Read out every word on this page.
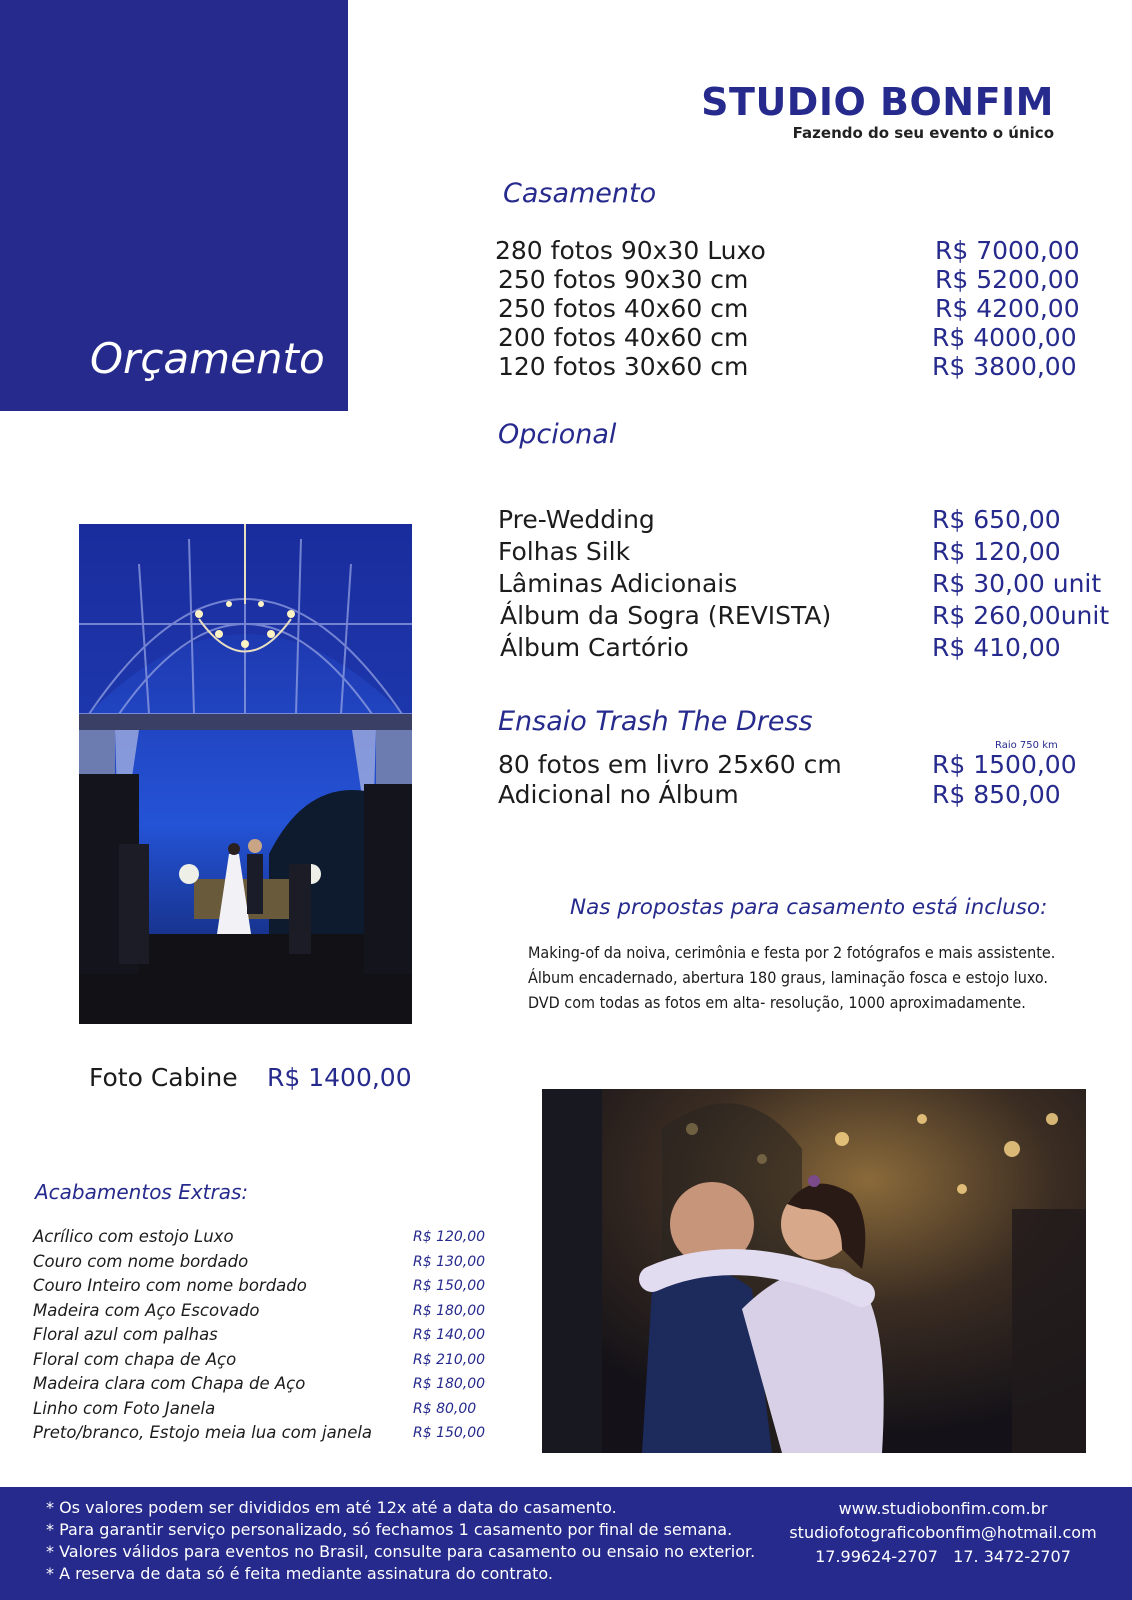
Orçamento
STUDIO BONFIM
Fazendo do seu evento o único
Casamento
280 fotos 90x30 Luxo	R$ 7000,00
250 fotos 90x30 cm	R$ 5200,00
250 fotos 40x60 cm	R$ 4200,00
200 fotos 40x60 cm	R$ 4000,00
120 fotos 30x60 cm	R$ 3800,00
Opcional
Pre-Wedding	R$ 650,00
Folhas Silk	R$ 120,00
Lâminas Adicionais	R$ 30,00 unit
Álbum da Sogra (REVISTA)	R$ 260,00unit
Álbum Cartório	R$ 410,00
Ensaio Trash The Dress
Raio 750 km
80 fotos em livro 25x60 cm	R$ 1500,00
Adicional no Álbum	R$ 850,00
Nas propostas para casamento está incluso:
Making-of da noiva, cerimônia e festa por 2 fotógrafos e mais assistente.
Álbum encadernado, abertura 180 graus, laminação fosca e estojo luxo.
DVD com todas as fotos em alta- resolução, 1000 aproximadamente.
Foto Cabine R$ 1400,00
Acabamentos Extras:
Acrílico com estojo Luxo	R$ 120,00
Couro com nome bordado	R$ 130,00
Couro Inteiro com nome bordado	R$ 150,00
Madeira com Aço Escovado	R$ 180,00
Floral azul com palhas	R$ 140,00
Floral com chapa de Aço	R$ 210,00
Madeira clara com Chapa de Aço	R$ 180,00
Linho com Foto Janela	R$ 80,00
Preto/branco, Estojo meia lua com janela	R$ 150,00
* Os valores podem ser divididos em até 12x até a data do casamento.
* Para garantir serviço personalizado, só fechamos 1 casamento por final de semana.
* Valores válidos para eventos no Brasil, consulte para casamento ou ensaio no exterior.
* A reserva de data só é feita mediante assinatura do contrato.
www.studiobonfim.com.br
studiofotograficobonfim@hotmail.com
17.99624-2707   17. 3472-2707
